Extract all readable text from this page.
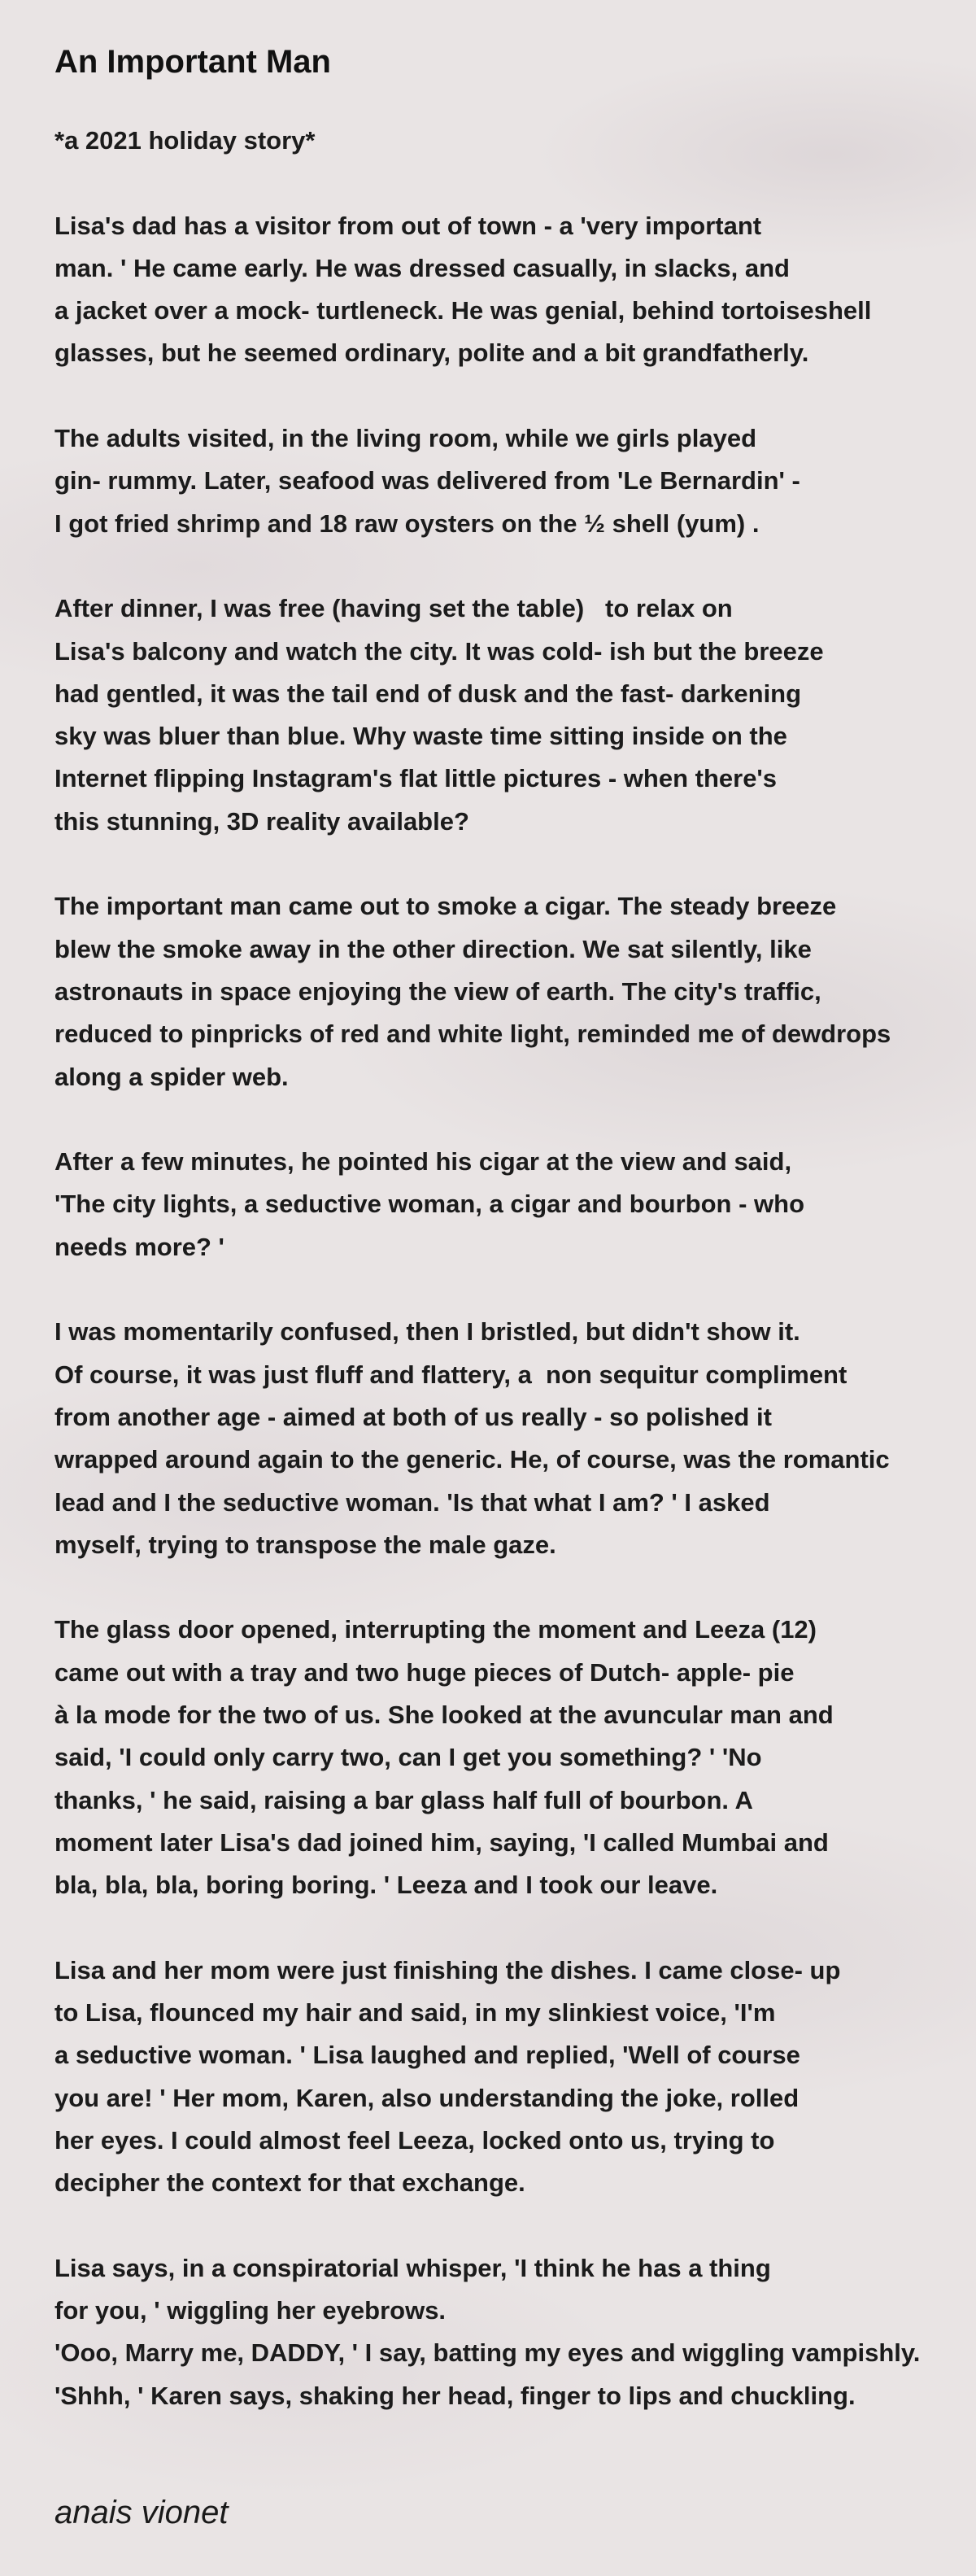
An Important Man
*a 2021 holiday story*
Lisa's dad has a visitor from out of town - a 'very important
man. ' He came early. He was dressed casually, in slacks, and
a jacket over a mock- turtleneck. He was genial, behind tortoiseshell
glasses, but he seemed ordinary, polite and a bit grandfatherly.
The adults visited, in the living room, while we girls played
gin- rummy. Later, seafood was delivered from 'Le Bernardin' -
I got fried shrimp and 18 raw oysters on the ½ shell (yum) .
After dinner, I was free (having set the table)   to relax on
Lisa's balcony and watch the city. It was cold- ish but the breeze
had gentled, it was the tail end of dusk and the fast- darkening
sky was bluer than blue. Why waste time sitting inside on the
Internet flipping Instagram's flat little pictures - when there's
this stunning, 3D reality available?
The important man came out to smoke a cigar. The steady breeze
blew the smoke away in the other direction. We sat silently, like
astronauts in space enjoying the view of earth. The city's traffic,
reduced to pinpricks of red and white light, reminded me of dewdrops
along a spider web.
After a few minutes, he pointed his cigar at the view and said,
'The city lights, a seductive woman, a cigar and bourbon - who
needs more? '
I was momentarily confused, then I bristled, but didn't show it.
Of course, it was just fluff and flattery, a  non sequitur compliment
from another age - aimed at both of us really - so polished it
wrapped around again to the generic. He, of course, was the romantic
lead and I the seductive woman. 'Is that what I am? ' I asked
myself, trying to transpose the male gaze.
The glass door opened, interrupting the moment and Leeza (12)
came out with a tray and two huge pieces of Dutch- apple- pie
à la mode for the two of us. She looked at the avuncular man and
said, 'I could only carry two, can I get you something? ' 'No
thanks, ' he said, raising a bar glass half full of bourbon. A
moment later Lisa's dad joined him, saying, 'I called Mumbai and
bla, bla, bla, boring boring. ' Leeza and I took our leave.
Lisa and her mom were just finishing the dishes. I came close- up
to Lisa, flounced my hair and said, in my slinkiest voice, 'I'm
a seductive woman. ' Lisa laughed and replied, 'Well of course
you are! ' Her mom, Karen, also understanding the joke, rolled
her eyes. I could almost feel Leeza, locked onto us, trying to
decipher the context for that exchange.
Lisa says, in a conspiratorial whisper, 'I think he has a thing
for you, ' wiggling her eyebrows.
'Ooo, Marry me, DADDY, ' I say, batting my eyes and wiggling vampishly.
'Shhh, ' Karen says, shaking her head, finger to lips and chuckling.
anais vionet
